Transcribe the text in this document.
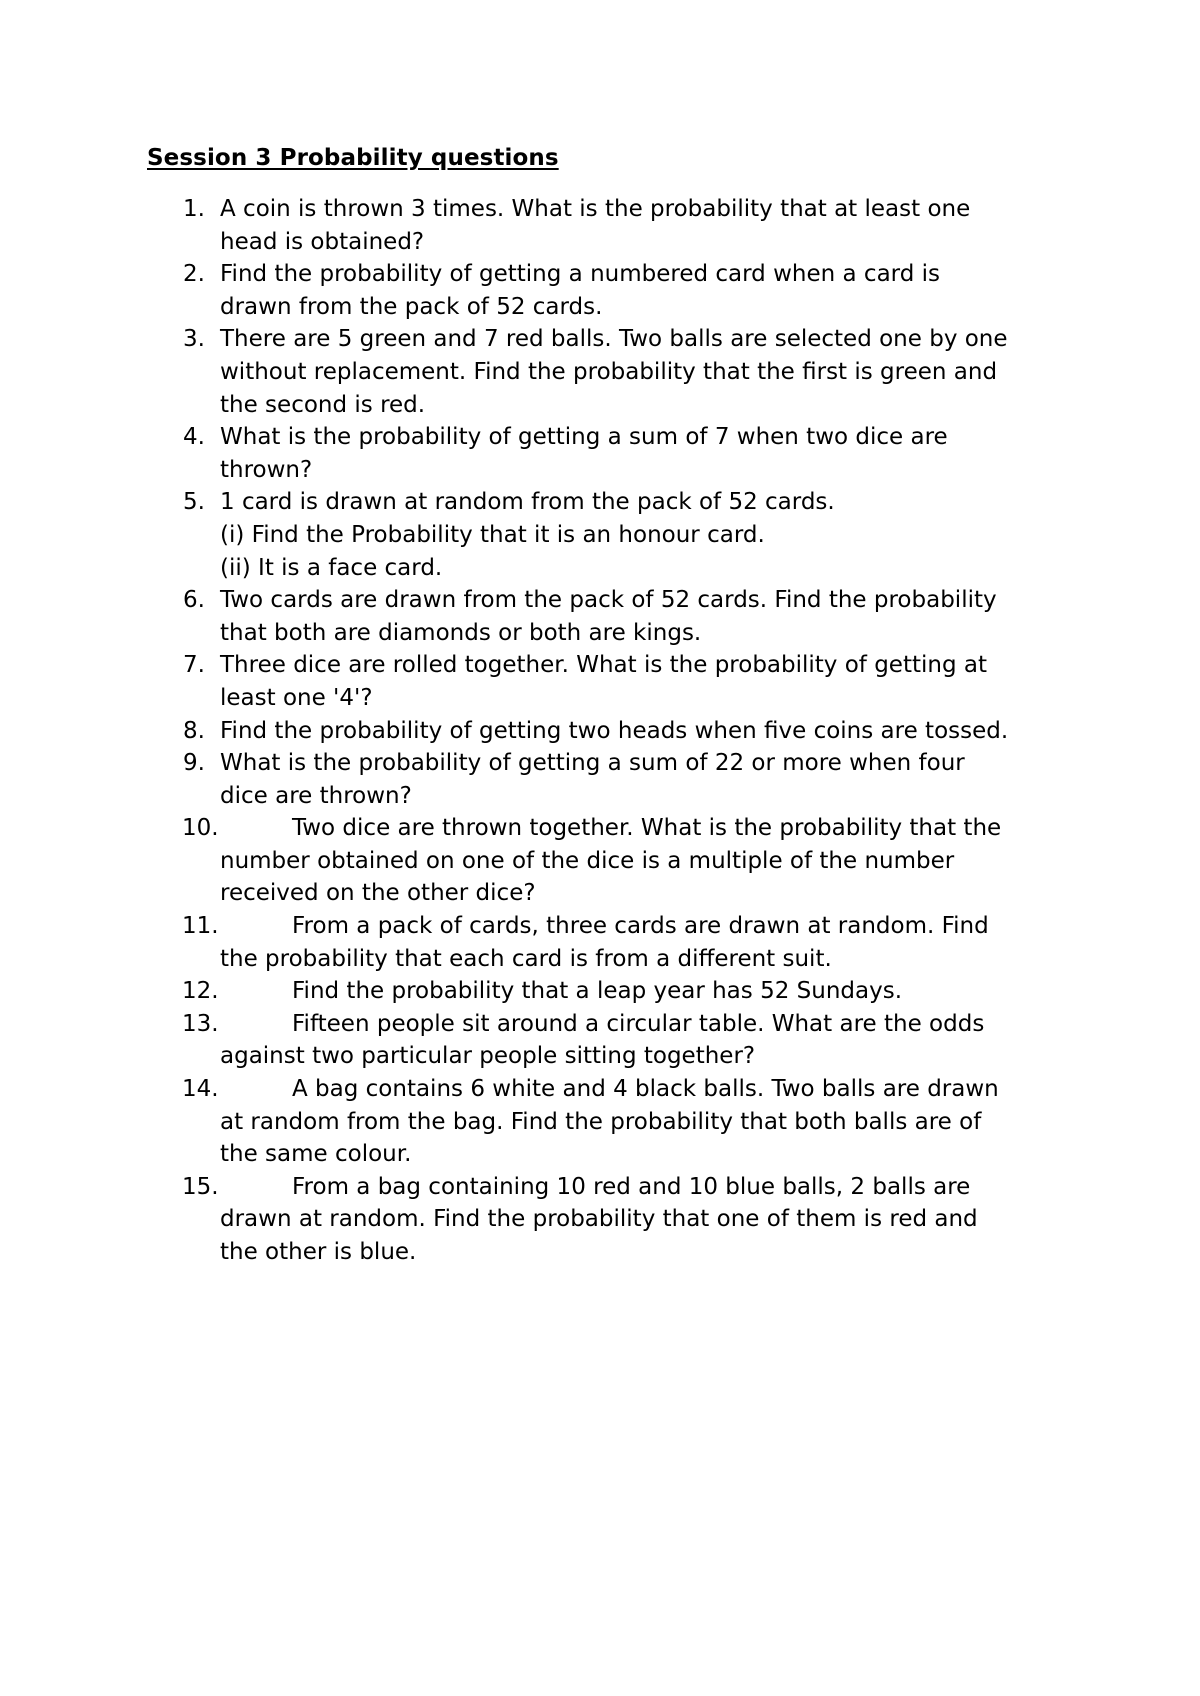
Session 3 Probability questions
1. A coin is thrown 3 times. What is the probability that at least one
head is obtained?
2. Find the probability of getting a numbered card when a card is
drawn from the pack of 52 cards.
3. There are 5 green and 7 red balls. Two balls are selected one by one
without replacement. Find the probability that the first is green and
the second is red.
4. What is the probability of getting a sum of 7 when two dice are
thrown?
5. 1 card is drawn at random from the pack of 52 cards.
(i) Find the Probability that it is an honour card.
(ii) It is a face card.
6. Two cards are drawn from the pack of 52 cards. Find the probability
that both are diamonds or both are kings.
7. Three dice are rolled together. What is the probability of getting at
least one '4'?
8. Find the probability of getting two heads when five coins are tossed.
9. What is the probability of getting a sum of 22 or more when four
dice are thrown?
10.	Two dice are thrown together. What is the probability that the
number obtained on one of the dice is a multiple of the number
received on the other dice?
11.	From a pack of cards, three cards are drawn at random. Find
the probability that each card is from a different suit.
12.	Find the probability that a leap year has 52 Sundays.
13.	Fifteen people sit around a circular table. What are the odds
against two particular people sitting together?
14.	A bag contains 6 white and 4 black balls. Two balls are drawn
at random from the bag. Find the probability that both balls are of
the same colour.
15.	From a bag containing 10 red and 10 blue balls, 2 balls are
drawn at random. Find the probability that one of them is red and
the other is blue.
